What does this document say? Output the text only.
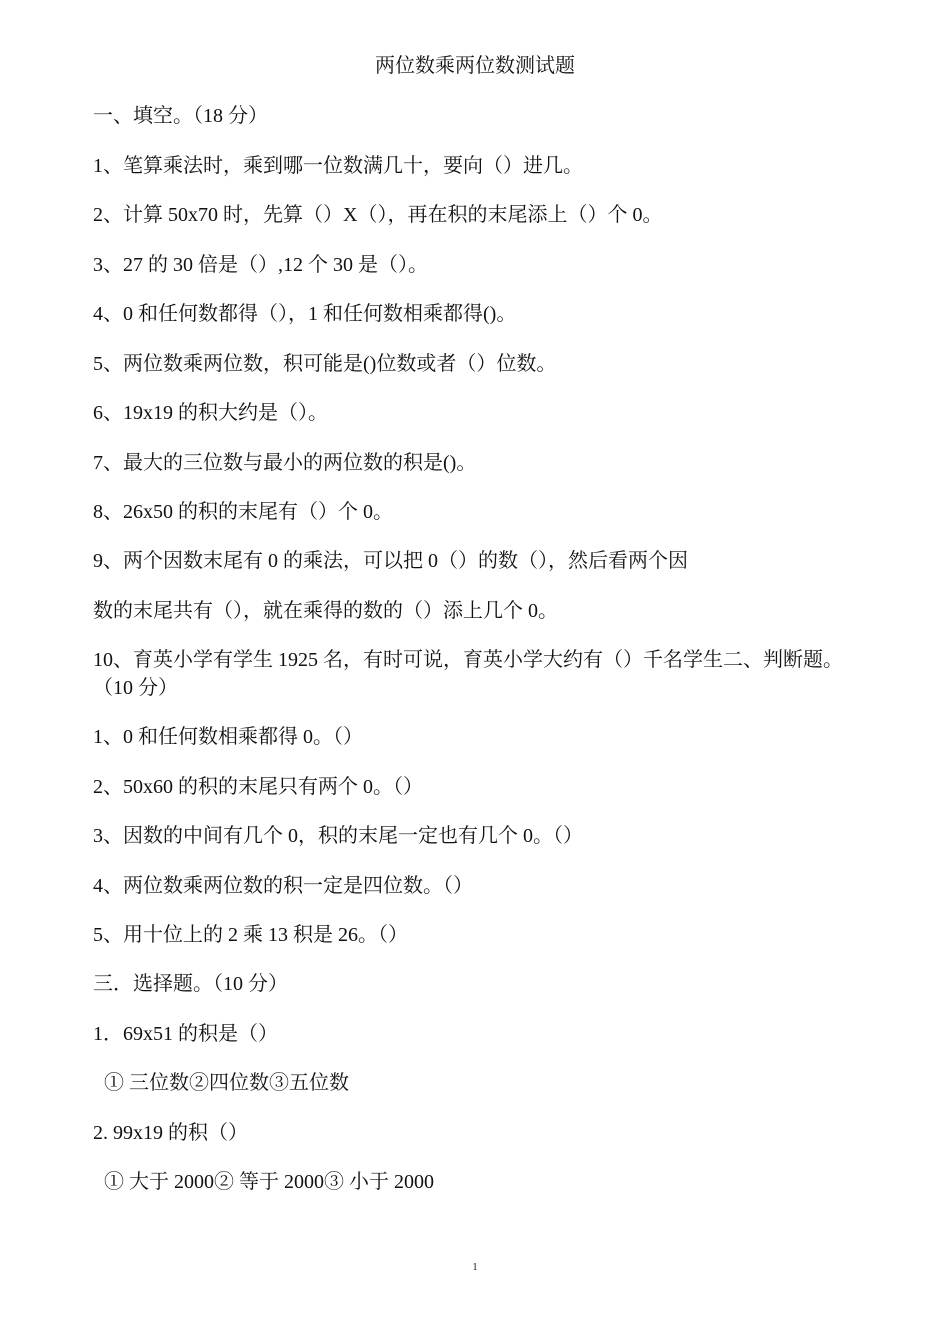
两位数乘两位数测试题
一、填空。（18 分）
1、笔算乘法时，乘到哪一位数满几十，要向（）进几。
2、计算 50x70 时，先算（）X（），再在积的末尾添上（）个 0。
3、27 的 30 倍是（）,12 个 30 是（）。
4、0 和任何数都得（），1 和任何数相乘都得()。
5、两位数乘两位数，积可能是()位数或者（）位数。
6、19x19 的积大约是（）。
7、最大的三位数与最小的两位数的积是()。
8、26x50 的积的末尾有（）个 0。
9、两个因数末尾有 0 的乘法，可以把 0（）的数（），然后看两个因
数的末尾共有（），就在乘得的数的（）添上几个 0。
10、育英小学有学生 1925 名，有时可说，育英小学大约有（）千名学生二、判断题。（10 分）
1、0 和任何数相乘都得 0。（）
2、50x60 的积的末尾只有两个 0。（）
3、因数的中间有几个 0，积的末尾一定也有几个 0。（）
4、两位数乘两位数的积一定是四位数。（）
5、用十位上的 2 乘 13 积是 26。（）
三．选择题。（10 分）
1．69x51 的积是（）
① 三位数②四位数③五位数
2. 99x19 的积（）
① 大于 2000② 等于 2000③ 小于 2000
1
